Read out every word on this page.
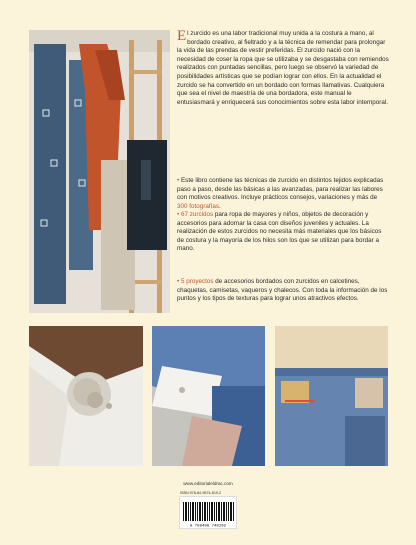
E l zurcido es una labor tradicional muy unida a la costura a mano, al bordado creativo, al fieltrado y a la técnica de remendar para prolongar la vida de las prendas de vestir preferidas. El zurcido nació con la necesidad de coser la ropa que se utilizaba y se desgastaba con remiendos realizados con puntadas sencillas, pero luego se observó la variedad de posibilidades artísticas que se podían lograr con ellos. En la actualidad el zurcido se ha convertido en un bordado con formas llamativas. Cualquiera que sea el nivel de maestría de una bordadora, este manual le entusiasmará y enriquecerá sus conocimientos sobre esta labor intemporal.
• Este libro contiene las técnicas de zurcido en distintos tejidos explicadas paso a paso, desde las básicas a las avanzadas, para realizar las labores con motivos creativos. Incluye prácticos consejos, variaciones y más de 300 fotografías.
• 67 zurcidos para ropa de mayores y niños, objetos de decoración y accesorios para adornar la casa con diseños juveniles y actuales. La realización de estos zurcidos no necesita más materiales que los básicos de costura y la mayoría de los hilos son los que se utilizan para bordar a mano.
• 5 proyectos de accesorios bordados con zurcidos en calcetines, chaquetas, camisetas, vaqueros y chalecos. Con toda la información de los puntos y los tipos de texturas para lograr unos atractivos efectos.
www.editorialeldrac.com
ISBN 978-84-9874-819-2
9 788498 748192
